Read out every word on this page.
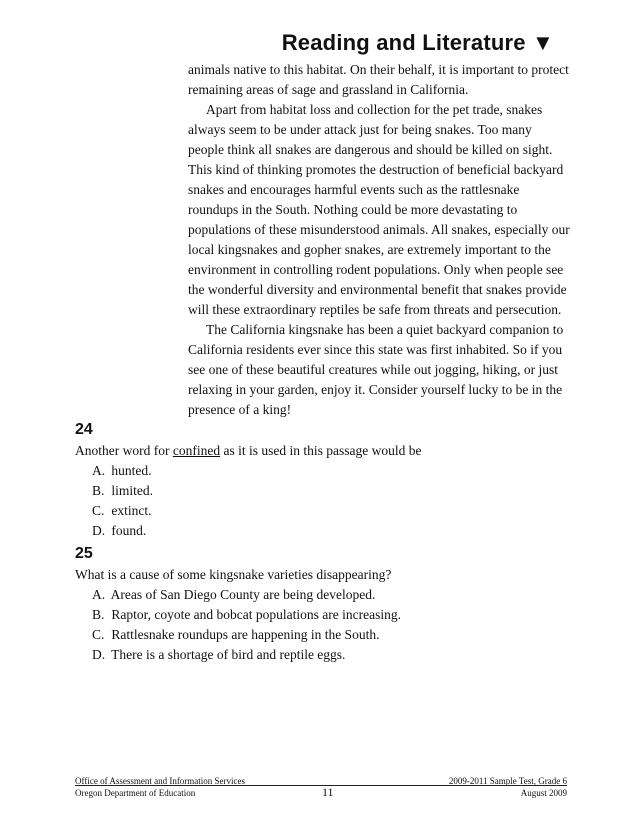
Reading and Literature ▼

animals native to this habitat. On their behalf, it is important to protect remaining areas of sage and grassland in California.

Apart from habitat loss and collection for the pet trade, snakes always seem to be under attack just for being snakes. Too many people think all snakes are dangerous and should be killed on sight. This kind of thinking promotes the destruction of beneficial backyard snakes and encourages harmful events such as the rattlesnake roundups in the South. Nothing could be more devastating to populations of these misunderstood animals. All snakes, especially our local kingsnakes and gopher snakes, are extremely important to the environment in controlling rodent populations. Only when people see the wonderful diversity and environmental benefit that snakes provide will these extraordinary reptiles be safe from threats and persecution.

The California kingsnake has been a quiet backyard companion to California residents ever since this state was first inhabited. So if you see one of these beautiful creatures while out jogging, hiking, or just relaxing in your garden, enjoy it. Consider yourself lucky to be in the presence of a king!

24
Another word for confined as it is used in this passage would be
A. hunted.
B. limited.
C. extinct.
D. found.
25
What is a cause of some kingsnake varieties disappearing?
A. Areas of San Diego County are being developed.
B. Raptor, coyote and bobcat populations are increasing.
C. Rattlesnake roundups are happening in the South.
D. There is a shortage of bird and reptile eggs.
Office of Assessment and Information Services	2009-2011 Sample Test, Grade 6
Oregon Department of Education	August 2009
11
